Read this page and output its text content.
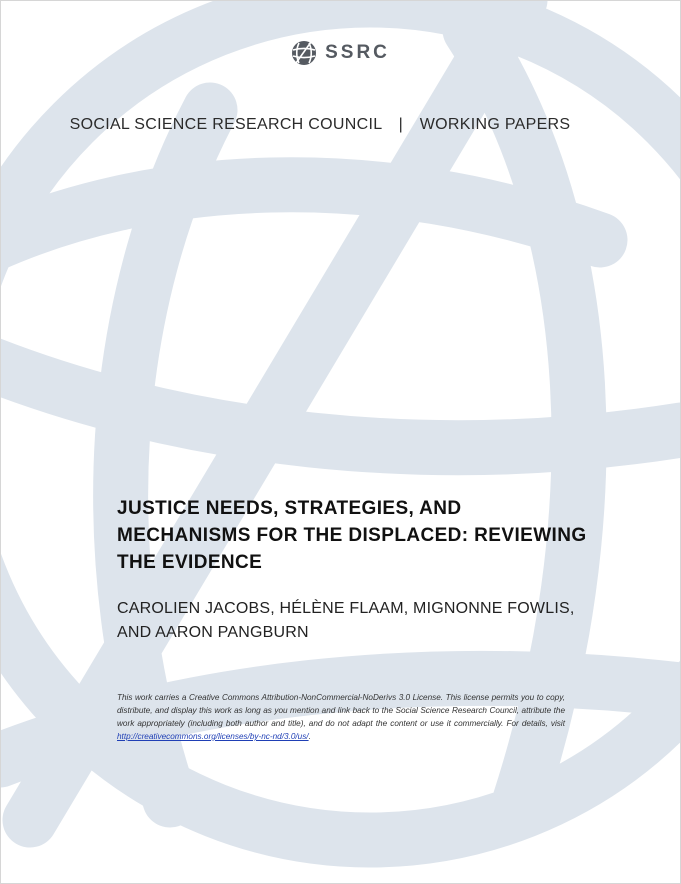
SSRC
SOCIAL SCIENCE RESEARCH COUNCIL | WORKING PAPERS
JUSTICE NEEDS, STRATEGIES, AND MECHANISMS FOR THE DISPLACED: REVIEWING THE EVIDENCE
CAROLIEN JACOBS, HÉLÈNE FLAAM, MIGNONNE FOWLIS, AND AARON PANGBURN
This work carries a Creative Commons Attribution-NonCommercial-NoDerivs 3.0 License. This license permits you to copy, distribute, and display this work as long as you mention and link back to the Social Science Research Council, attribute the work appropriately (including both author and title), and do not adapt the content or use it commercially. For details, visit http://creativecommons.org/licenses/by-nc-nd/3.0/us/.
